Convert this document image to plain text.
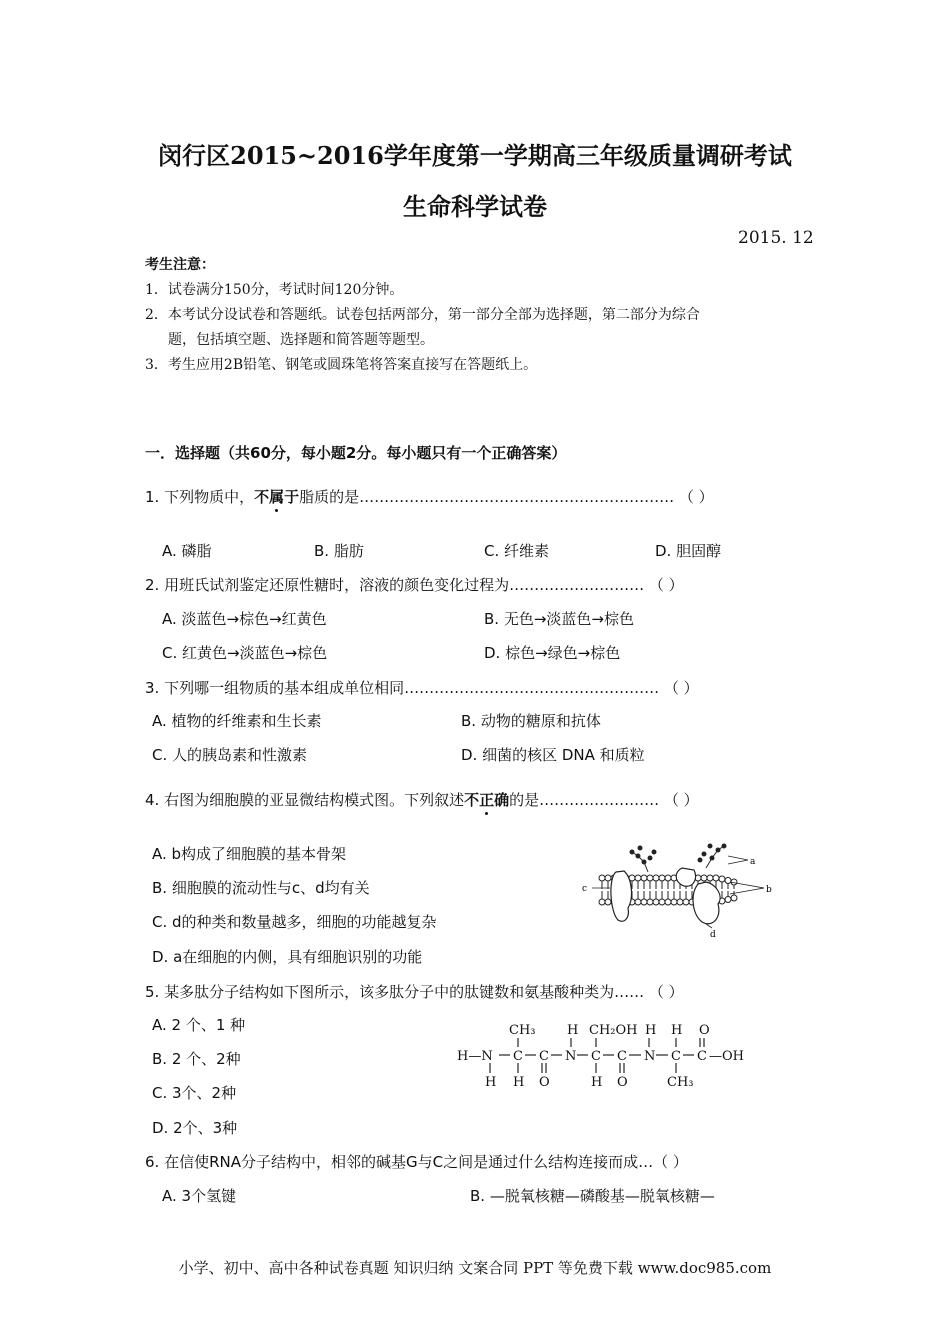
闵行区2015~2016学年度第一学期高三年级质量调研考试
生命科学试卷
2015. 12
考生注意：
1．试卷满分150分，考试时间120分钟。
2．本考试分设试卷和答题纸。试卷包括两部分，第一部分全部为选择题，第二部分为综合
题，包括填空题、选择题和简答题等题型。
3．考生应用2B铅笔、钢笔或圆珠笔将答案直接写在答题纸上。
一．选择题（共60分，每小题2分。每小题只有一个正确答案）
1. 下列物质中，不属于脂质的是……………………………………………………… （ ）
A. 磷脂	B. 脂肪	C. 纤维素	D. 胆固醇
2. 用班氏试剂鉴定还原性糖时，溶液的颜色变化过程为……………………… （ ）
A. 淡蓝色→棕色→红黄色	B. 无色→淡蓝色→棕色
C. 红黄色→淡蓝色→棕色	D. 棕色→绿色→棕色
3. 下列哪一组物质的基本组成单位相同…………………………………………… （ ）
A. 植物的纤维素和生长素	B. 动物的糖原和抗体
C. 人的胰岛素和性激素	D. 细菌的核区 DNA 和质粒
4. 右图为细胞膜的亚显微结构模式图。下列叙述不正确的是…………………… （ ）
A. b构成了细胞膜的基本骨架
B. 细胞膜的流动性与c、d均有关
C. d的种类和数量越多，细胞的功能越复杂
D. a在细胞的内侧，具有细胞识别的功能
a
b
c
d
5. 某多肽分子结构如下图所示，该多肽分子中的肽键数和氨基酸种类为…… （ ）
A. 2 个、1 种
B. 2 个、2种
C. 3个、2种
D. 2个、3种
CH₃ H CH₂OH H H O
H—N C C N C C N C C —OH
H H O	H O	CH₃
6. 在信使RNA分子结构中，相邻的碱基G与C之间是通过什么结构连接而成…（ ）
A. 3个氢键	B. —脱氧核糖—磷酸基—脱氧核糖—
小学、初中、高中各种试卷真题 知识归纳 文案合同 PPT 等免费下载 www.doc985.com
